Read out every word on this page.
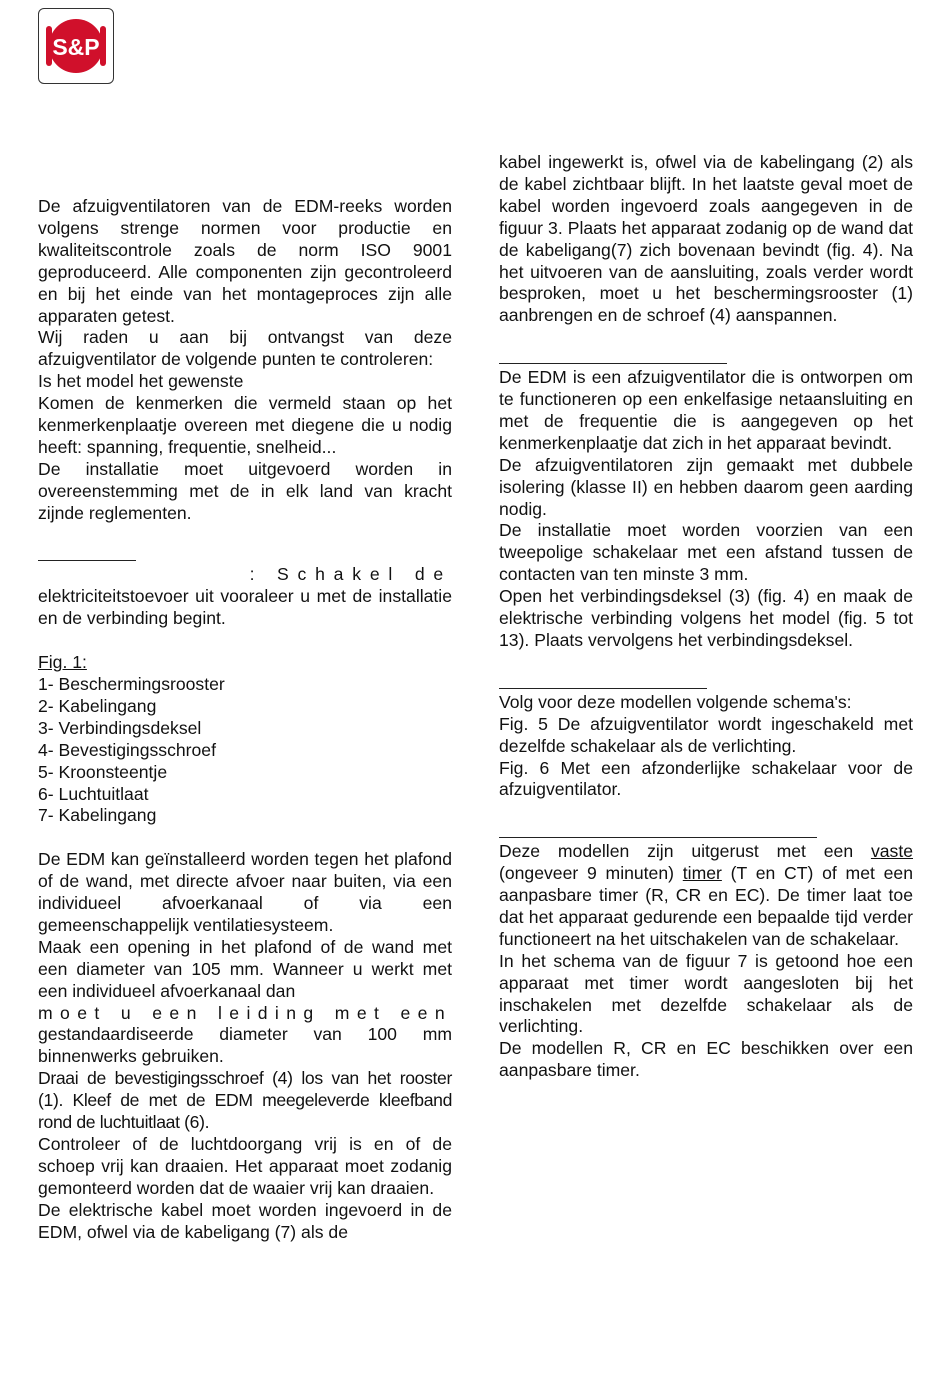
S&P

De afzuigventilatoren van de EDM-reeks worden volgens strenge normen voor productie en kwaliteitscontrole zoals de norm ISO 9001 geproduceerd. Alle componenten zijn gecontroleerd en bij het einde van het montageproces zijn alle apparaten getest.

Wij raden u aan bij ontvangst van deze afzuigventilator de volgende punten te controleren:

Is het model het gewenste

Komen de kenmerken die vermeld staan op het kenmerkenplaatje overeen met diegene die u nodig heeft: spanning, frequentie, snelheid...

De installatie moet uitgevoerd worden in overeenstemming met de in elk land van kracht zijnde reglementen.

: Schakel de

elektriciteitstoevoer uit vooraleer u met de installatie en de verbinding begint.

Fig. 1:

1- Beschermingsrooster

2- Kabelingang

3- Verbindingsdeksel

4- Bevestigingsschroef

5- Kroonsteentje

6- Luchtuitlaat

7- Kabelingang

De EDM kan geïnstalleerd worden tegen het plafond of de wand, met directe afvoer naar buiten, via een individueel afvoerkanaal of via een gemeenschappelijk ventilatiesysteem.

Maak een opening in het plafond of de wand met een diameter van 105 mm. Wanneer u werkt met een individueel afvoerkanaal dan

moet u een leiding met een

gestandaardiseerde diameter van 100 mm binnenwerks gebruiken.

Draai de bevestigingsschroef (4) los van het rooster (1). Kleef de met de EDM meegeleverde kleefband rond de luchtuitlaat (6).

Controleer of de luchtdoorgang vrij is en of de schoep vrij kan draaien. Het apparaat moet zodanig gemonteerd worden dat de waaier vrij kan draaien.

De elektrische kabel moet worden ingevoerd in de EDM, ofwel via de kabeligang (7) als de

kabel ingewerkt is, ofwel via de kabelingang (2) als de kabel zichtbaar blijft. In het laatste geval moet de kabel worden ingevoerd zoals aangegeven in de figuur 3. Plaats het apparaat zodanig op de wand dat de kabeligang(7) zich bovenaan bevindt (fig. 4). Na het uitvoeren van de aansluiting, zoals verder wordt besproken, moet u het beschermingsrooster (1) aanbrengen en de schroef (4) aanspannen.

De EDM is een afzuigventilator die is ontworpen om te functioneren op een enkelfasige netaansluiting en met de frequentie die is aangegeven op het kenmerkenplaatje dat zich in het apparaat bevindt.

De afzuigventilatoren zijn gemaakt met dubbele isolering (klasse II) en hebben daarom geen aarding nodig.

De installatie moet worden voorzien van een tweepolige schakelaar met een afstand tussen de contacten van ten minste 3 mm.

Open het verbindingsdeksel (3) (fig. 4) en maak de elektrische verbinding volgens het model (fig. 5 tot 13). Plaats vervolgens het verbindingsdeksel.

Volg voor deze modellen volgende schema's:

Fig. 5 De afzuigventilator wordt ingeschakeld met dezelfde schakelaar als de verlichting.

Fig. 6 Met een afzonderlijke schakelaar voor de afzuigventilator.

Deze modellen zijn uitgerust met een vaste (ongeveer 9 minuten) timer (T en CT) of met een aanpasbare timer (R, CR en EC). De timer laat toe dat het apparaat gedurende een bepaalde tijd verder functioneert na het uitschakelen van de schakelaar.

In het schema van de figuur 7 is getoond hoe een apparaat met timer wordt aangesloten bij het inschakelen met dezelfde schakelaar als de verlichting.

De modellen R, CR en EC beschikken over een aanpasbare timer.
